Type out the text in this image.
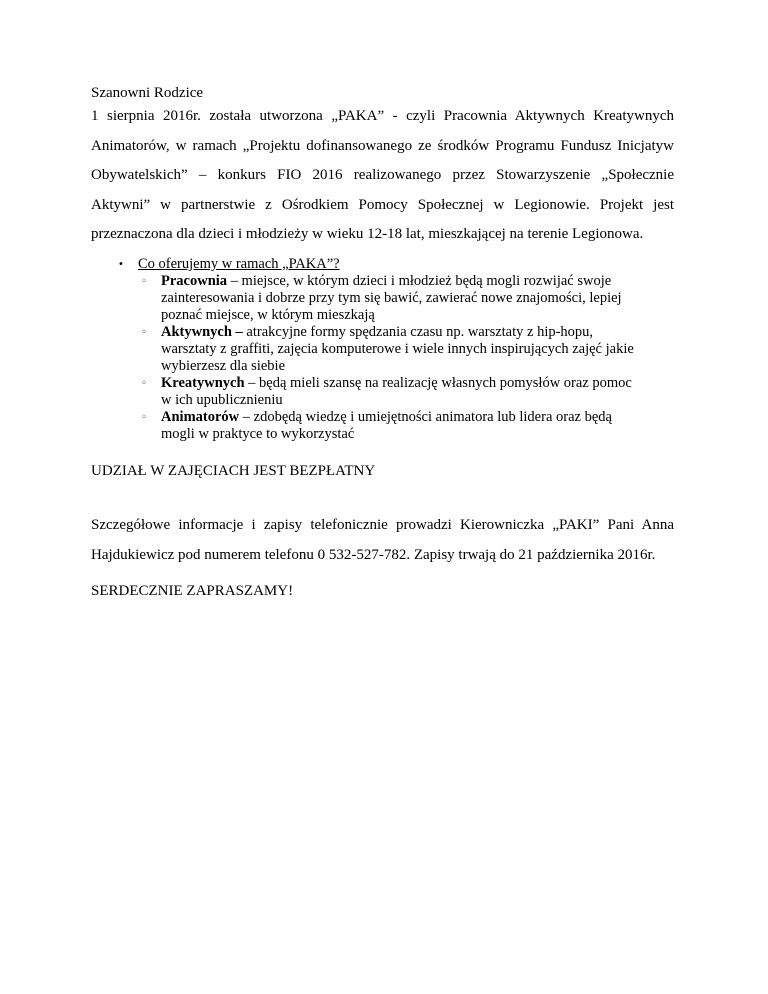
Szanowni Rodzice
1 sierpnia 2016r. została utworzona „PAKA” - czyli Pracownia Aktywnych Kreatywnych
Animatorów, w ramach „Projektu dofinansowanego ze środków Programu Fundusz Inicjatyw
Obywatelskich” – konkurs FIO 2016 realizowanego przez Stowarzyszenie „Społecznie
Aktywni” w partnerstwie z Ośrodkiem Pomocy Społecznej w Legionowie. Projekt jest
przeznaczona dla dzieci i młodzieży w wieku 12-18 lat, mieszkającej na terenie Legionowa.
• Co oferujemy w ramach „PAKA”?
◦ Pracownia – miejsce, w którym dzieci i młodzież będą mogli rozwijać swoje
zainteresowania i dobrze przy tym się bawić, zawierać nowe znajomości, lepiej
poznać miejsce, w którym mieszkają
◦ Aktywnych – atrakcyjne formy spędzania czasu np. warsztaty z hip-hopu,
warsztaty z graffiti, zajęcia komputerowe i wiele innych inspirujących zajęć jakie
wybierzesz dla siebie
◦ Kreatywnych – będą mieli szansę na realizację własnych pomysłów oraz pomoc
w ich upublicznieniu
◦ Animatorów – zdobędą wiedzę i umiejętności animatora lub lidera oraz będą
mogli w praktyce to wykorzystać
UDZIAŁ W ZAJĘCIACH JEST BEZPŁATNY
Szczegółowe informacje i zapisy telefonicznie prowadzi Kierowniczka „PAKI” Pani Anna
Hajdukiewicz pod numerem telefonu 0 532-527-782. Zapisy trwają do 21 października 2016r.
SERDECZNIE ZAPRASZAMY!
